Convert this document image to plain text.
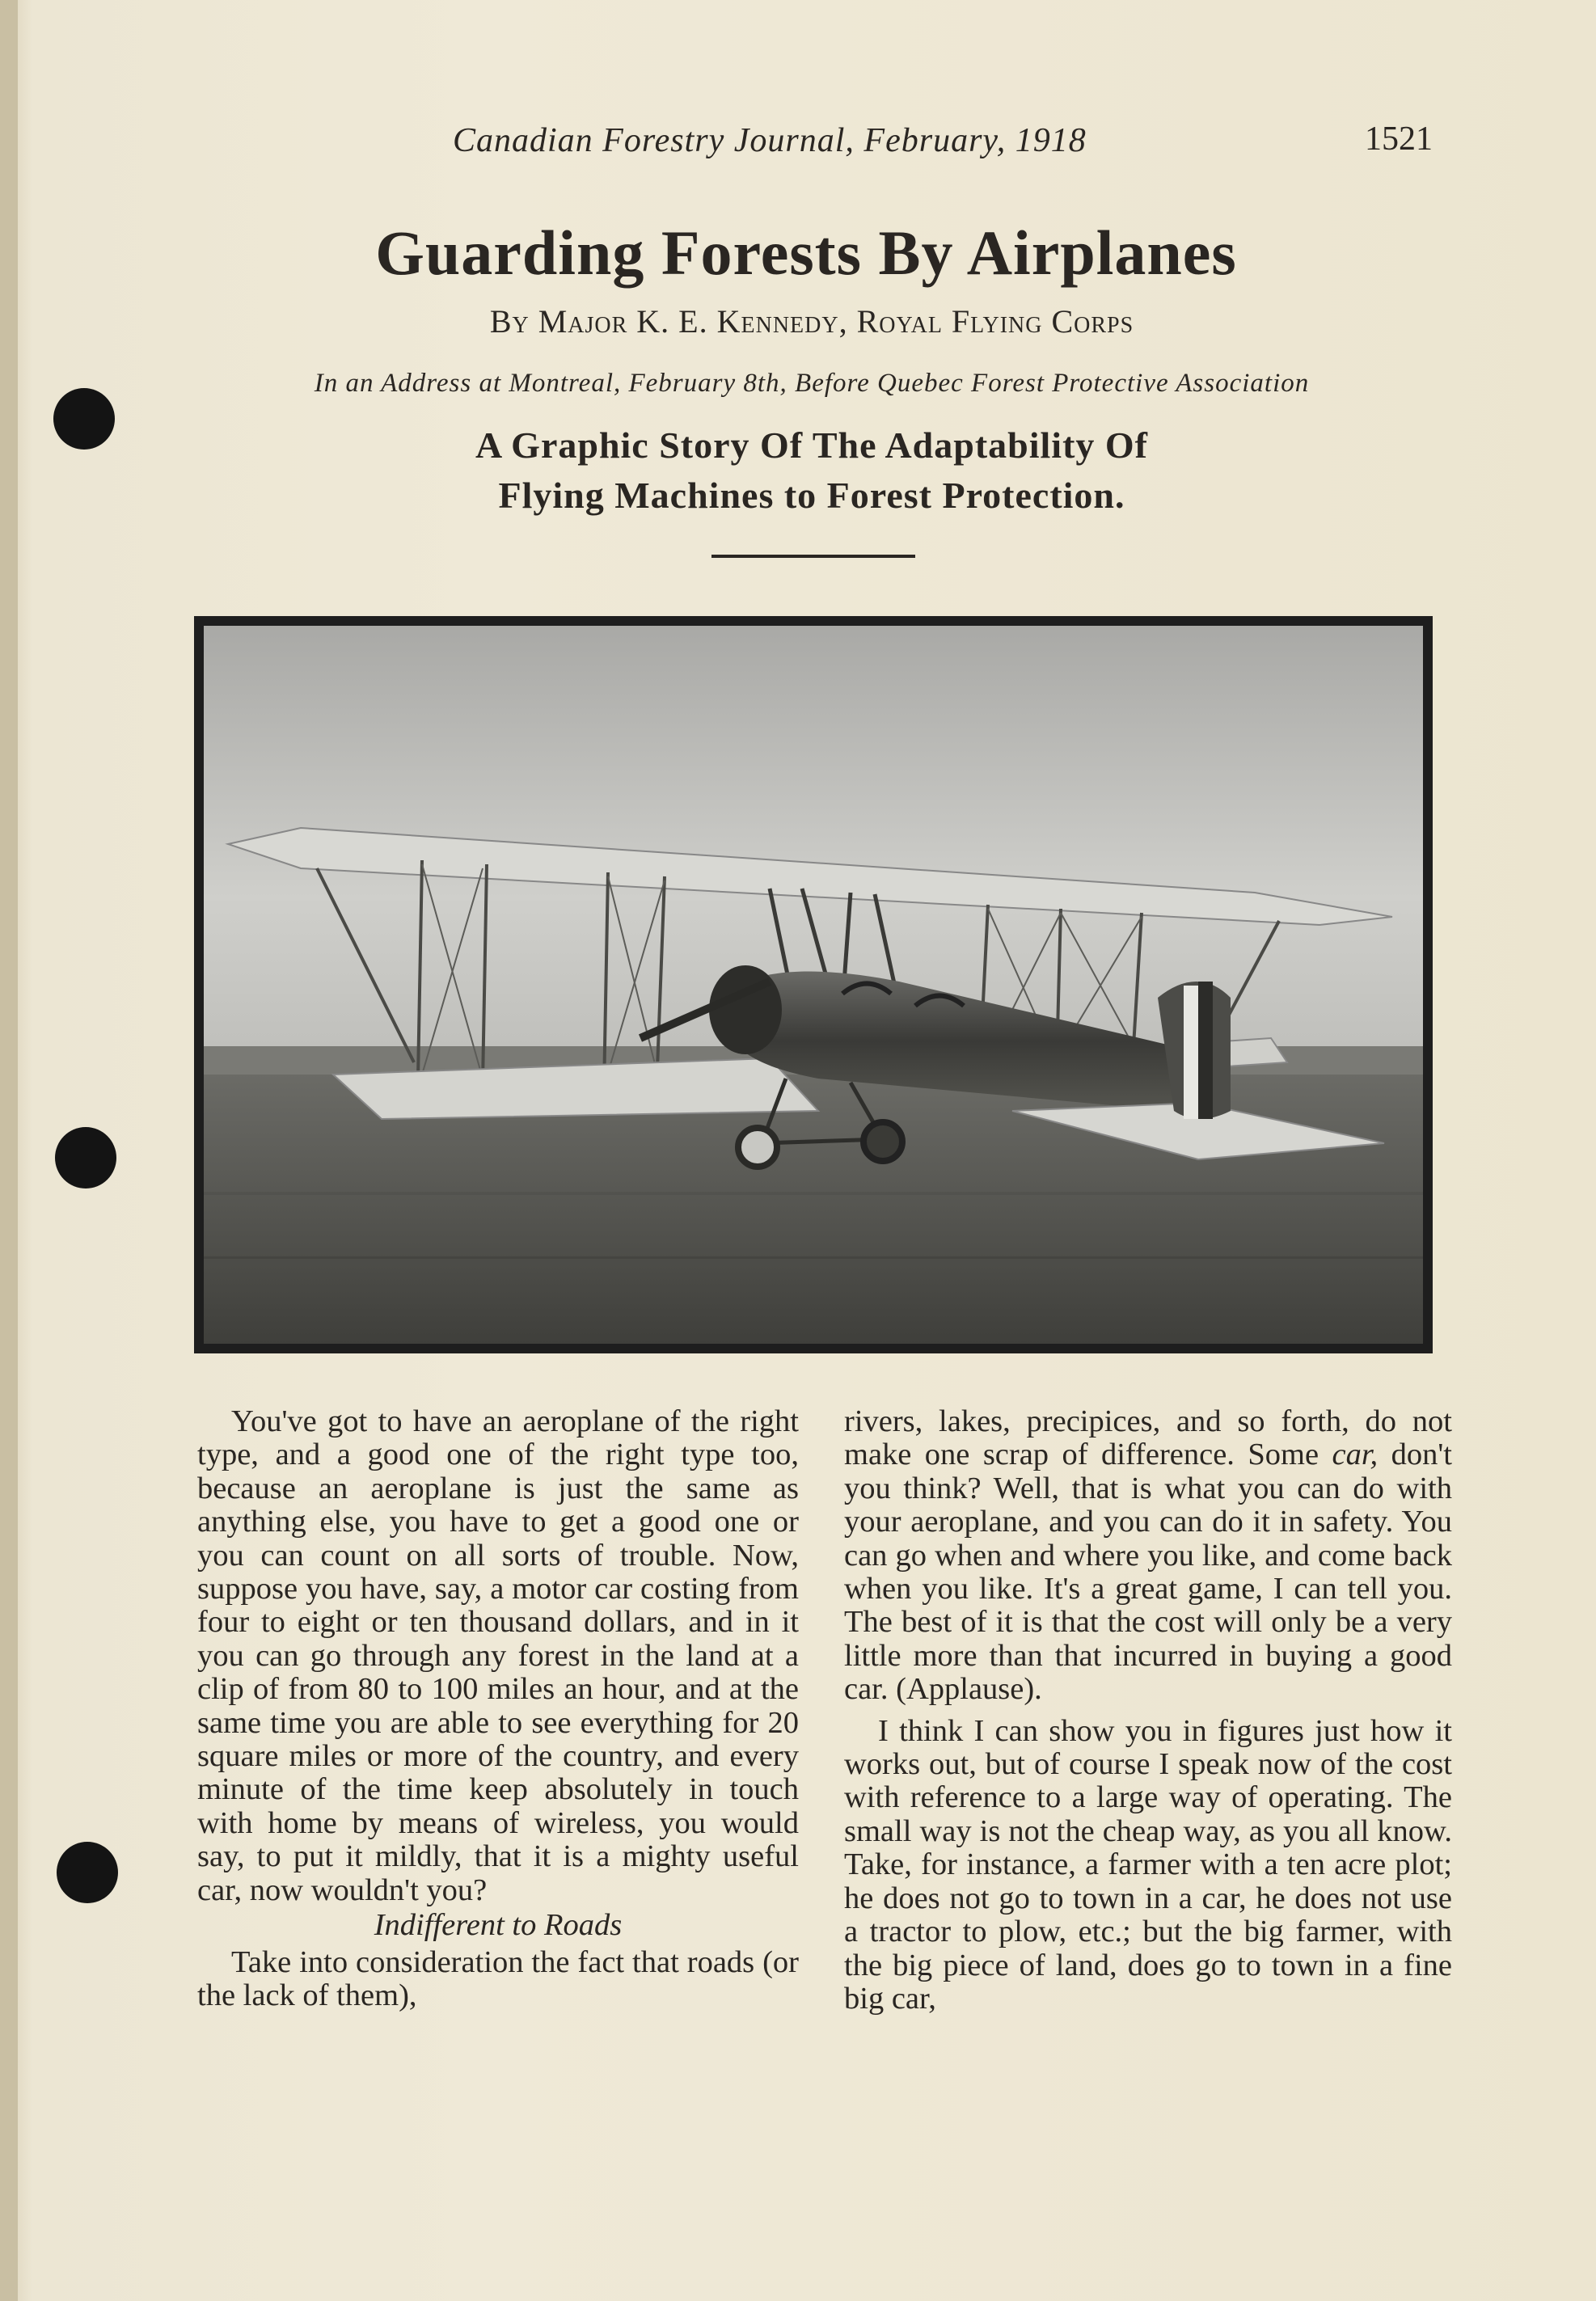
Canadian Forestry Journal, February, 1918	1521
Guarding Forests By Airplanes
By Major K. E. Kennedy, Royal Flying Corps
In an Address at Montreal, February 8th, Before Quebec Forest Protective Association
A Graphic Story Of The Adaptability Of
Flying Machines to Forest Protection.

You've got to have an aeroplane of the right type, and a good one of the right type too, because an aeroplane is just the same as anything else, you have to get a good one or you can count on all sorts of trouble. Now, suppose you have, say, a motor car costing from four to eight or ten thousand dollars, and in it you can go through any forest in the land at a clip of from 80 to 100 miles an hour, and at the same time you are able to see everything for 20 square miles or more of the country, and every minute of the time keep absolutely in touch with home by means of wireless, you would say, to put it mildly, that it is a mighty useful car, now wouldn't you?

Indifferent to Roads

Take into consideration the fact that roads (or the lack of them),

rivers, lakes, precipices, and so forth, do not make one scrap of difference. Some car, don't you think? Well, that is what you can do with your aeroplane, and you can do it in safety. You can go when and where you like, and come back when you like. It's a great game, I can tell you. The best of it is that the cost will only be a very little more than that incurred in buying a good car. (Applause).

I think I can show you in figures just how it works out, but of course I speak now of the cost with reference to a large way of operating. The small way is not the cheap way, as you all know. Take, for instance, a farmer with a ten acre plot; he does not go to town in a car, he does not use a tractor to plow, etc.; but the big farmer, with the big piece of land, does go to town in a fine big car,
